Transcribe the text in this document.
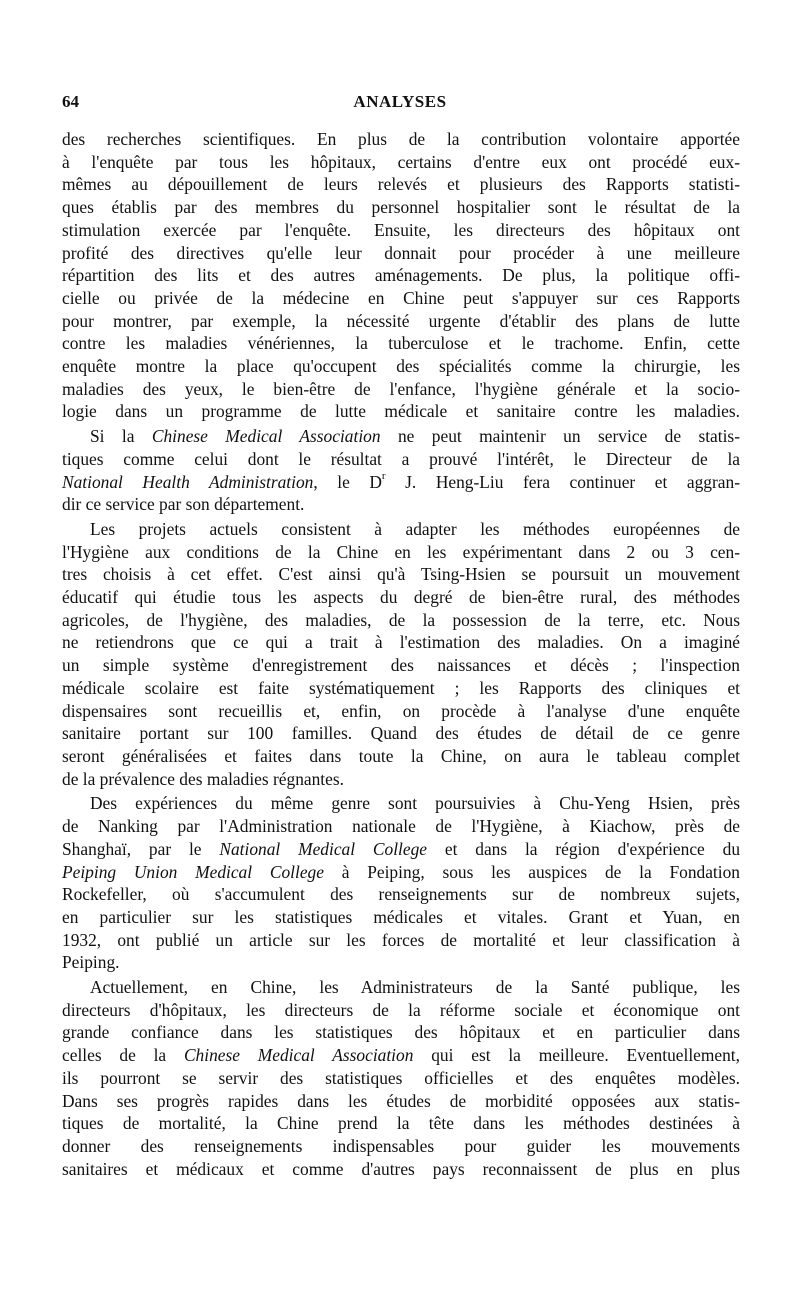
64	ANALYSES
des recherches scientifiques. En plus de la contribution volontaire apportée
à l'enquête par tous les hôpitaux, certains d'entre eux ont procédé eux-
mêmes au dépouillement de leurs relevés et plusieurs des Rapports statisti-
ques établis par des membres du personnel hospitalier sont le résultat de la
stimulation exercée par l'enquête. Ensuite, les directeurs des hôpitaux ont
profité des directives qu'elle leur donnait pour procéder à une meilleure
répartition des lits et des autres aménagements. De plus, la politique offi-
cielle ou privée de la médecine en Chine peut s'appuyer sur ces Rapports
pour montrer, par exemple, la nécessité urgente d'établir des plans de lutte
contre les maladies vénériennes, la tuberculose et le trachome. Enfin, cette
enquête montre la place qu'occupent des spécialités comme la chirurgie, les
maladies des yeux, le bien-être de l'enfance, l'hygiène générale et la socio-
logie dans un programme de lutte médicale et sanitaire contre les maladies.
Si la Chinese Medical Association ne peut maintenir un service de statis-
tiques comme celui dont le résultat a prouvé l'intérêt, le Directeur de la
National Health Administration, le $D^r$ J. Heng-Liu fera continuer et aggran-
dir ce service par son département.
Les projets actuels consistent à adapter les méthodes européennes de
l'Hygiène aux conditions de la Chine en les expérimentant dans 2 ou 3 cen-
tres choisis à cet effet. C'est ainsi qu'à Tsing-Hsien se poursuit un mouvement
éducatif qui étudie tous les aspects du degré de bien-être rural, des méthodes
agricoles, de l'hygiène, des maladies, de la possession de la terre, etc. Nous
ne retiendrons que ce qui a trait à l'estimation des maladies. On a imaginé
un simple système d'enregistrement des naissances et décès ; l'inspection
médicale scolaire est faite systématiquement ; les Rapports des cliniques et
dispensaires sont recueillis et, enfin, on procède à l'analyse d'une enquête
sanitaire portant sur 100 familles. Quand des études de détail de ce genre
seront généralisées et faites dans toute la Chine, on aura le tableau complet
de la prévalence des maladies régnantes.
Des expériences du même genre sont poursuivies à Chu-Yeng Hsien, près
de Nanking par l'Administration nationale de l'Hygiène, à Kiachow, près de
Shanghaï, par le National Medical College et dans la région d'expérience du
Peiping Union Medical College à Peiping, sous les auspices de la Fondation
Rockefeller, où s'accumulent des renseignements sur de nombreux sujets,
en particulier sur les statistiques médicales et vitales. Grant et Yuan, en
1932, ont publié un article sur les forces de mortalité et leur classification à
Peiping.
Actuellement, en Chine, les Administrateurs de la Santé publique, les
directeurs d'hôpitaux, les directeurs de la réforme sociale et économique ont
grande confiance dans les statistiques des hôpitaux et en particulier dans
celles de la Chinese Medical Association qui est la meilleure. Eventuellement,
ils pourront se servir des statistiques officielles et des enquêtes modèles.
Dans ses progrès rapides dans les études de morbidité opposées aux statis-
tiques de mortalité, la Chine prend la tête dans les méthodes destinées à
donner des renseignements indispensables pour guider les mouvements
sanitaires et médicaux et comme d'autres pays reconnaissent de plus en plus
